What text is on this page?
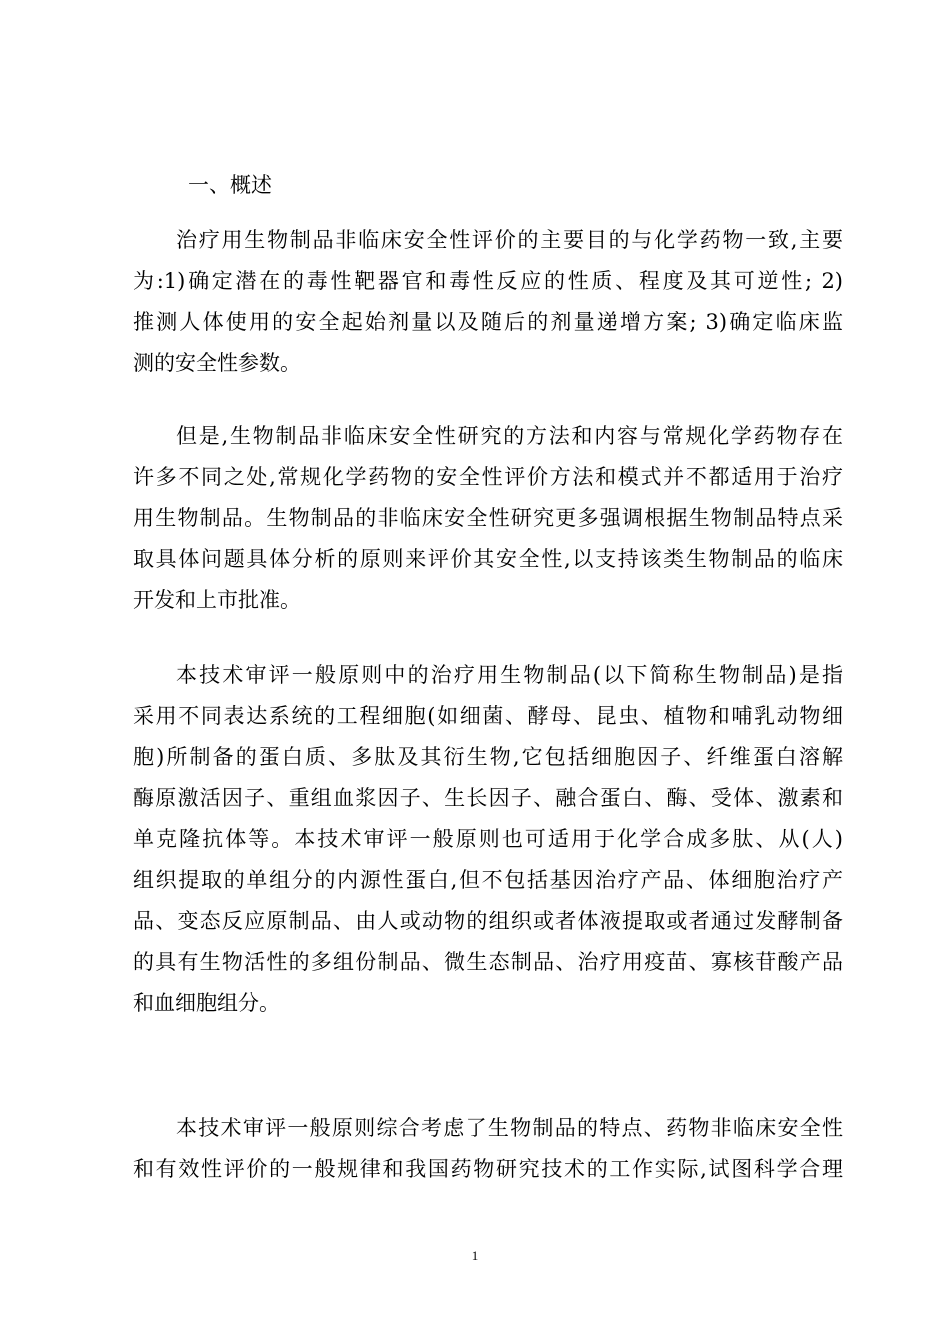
一、概述
治疗用生物制品非临床安全性评价的主要目的与化学药物一致,主要
为:1)确定潜在的毒性靶器官和毒性反应的性质、程度及其可逆性; 2)
推测人体使用的安全起始剂量以及随后的剂量递增方案; 3)确定临床监
测的安全性参数。
但是,生物制品非临床安全性研究的方法和内容与常规化学药物存在
许多不同之处,常规化学药物的安全性评价方法和模式并不都适用于治疗
用生物制品。生物制品的非临床安全性研究更多强调根据生物制品特点采
取具体问题具体分析的原则来评价其安全性,以支持该类生物制品的临床
开发和上市批准。
本技术审评一般原则中的治疗用生物制品(以下简称生物制品)是指
采用不同表达系统的工程细胞(如细菌、酵母、昆虫、植物和哺乳动物细
胞)所制备的蛋白质、多肽及其衍生物,它包括细胞因子、纤维蛋白溶解
酶原激活因子、重组血浆因子、生长因子、融合蛋白、酶、受体、激素和
单克隆抗体等。本技术审评一般原则也可适用于化学合成多肽、从(人)
组织提取的单组分的内源性蛋白,但不包括基因治疗产品、体细胞治疗产
品、变态反应原制品、由人或动物的组织或者体液提取或者通过发酵制备
的具有生物活性的多组份制品、微生态制品、治疗用疫苗、寡核苷酸产品
和血细胞组分。
本技术审评一般原则综合考虑了生物制品的特点、药物非临床安全性
和有效性评价的一般规律和我国药物研究技术的工作实际,试图科学合理
1
